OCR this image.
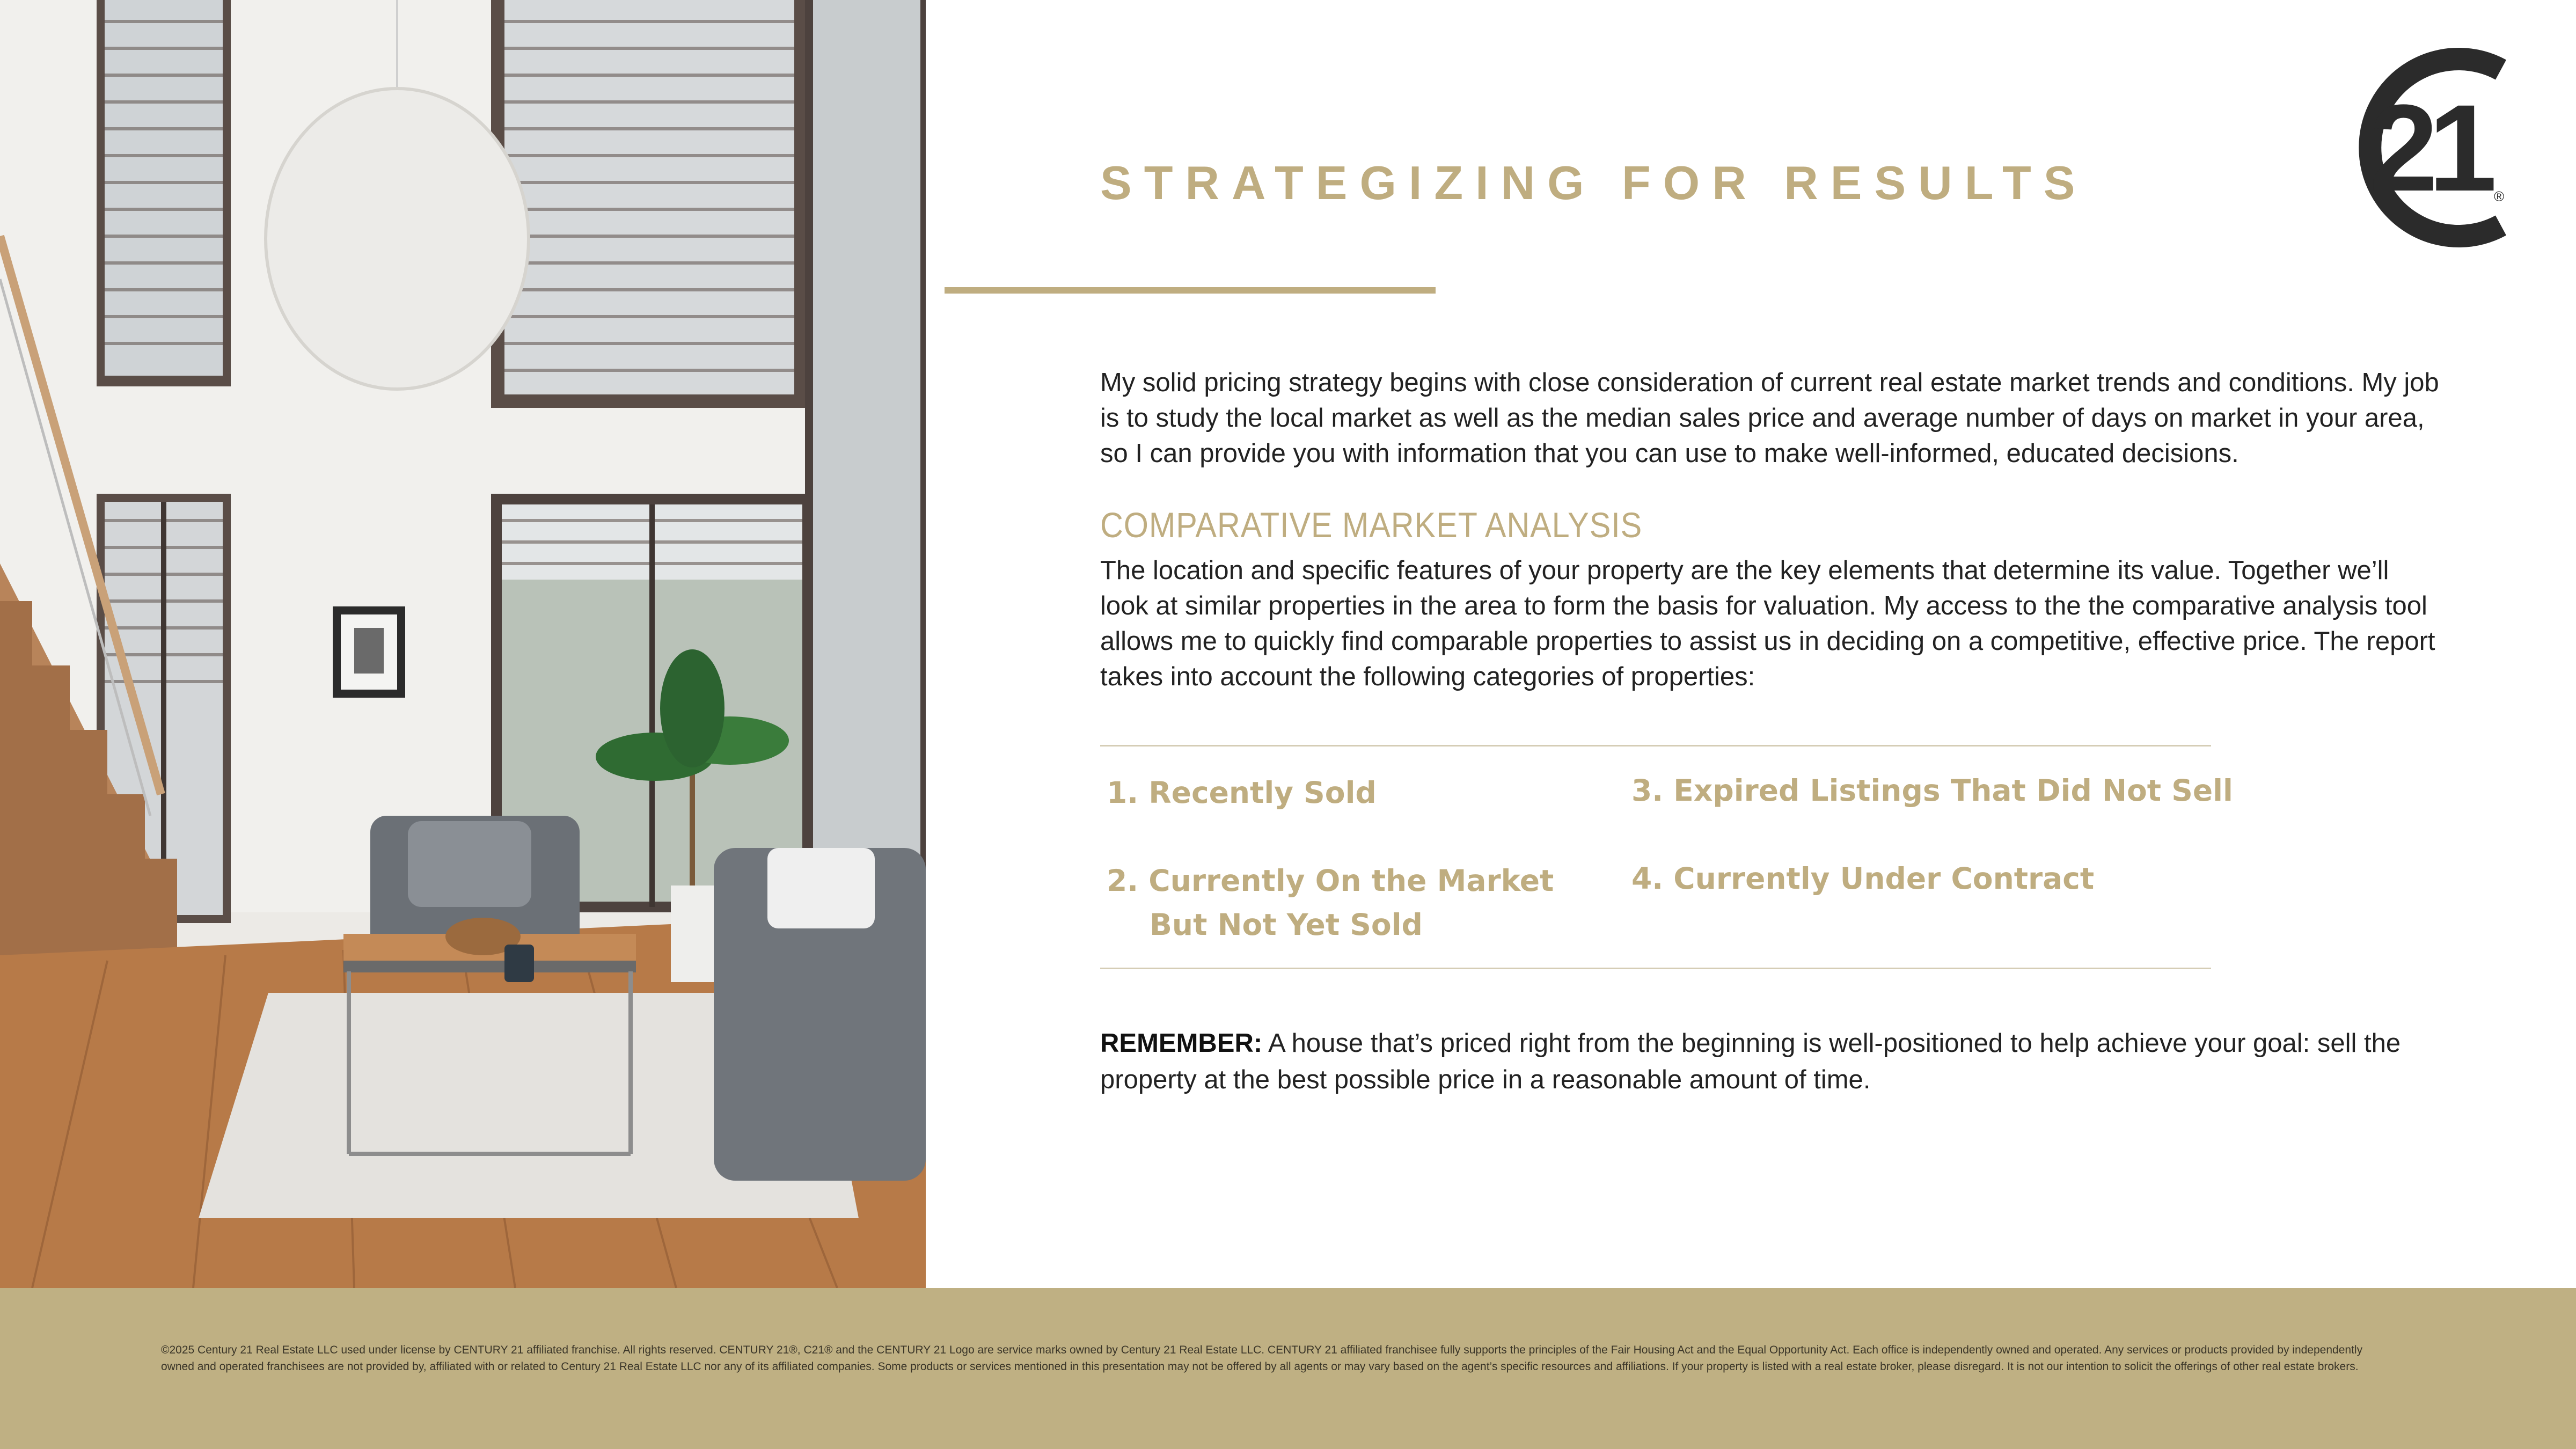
21 ®
STRATEGIZING FOR RESULTS

My solid pricing strategy begins with close consideration of current real estate market trends and conditions. My job is to study the local market as well as the median sales price and average number of days on market in your area, so I can provide you with information that you can use to make well-informed, educated decisions.

COMPARATIVE MARKET ANALYSIS

The location and specific features of your property are the key elements that determine its value. Together we’ll look at similar properties in the area to form the basis for valuation. My access to the the comparative analysis tool allows me to quickly find comparable properties to assist us in deciding on a competitive, effective price. The report takes into account the following categories of properties:

1. Recently Sold
2. Currently On the Market
But Not Yet Sold
3. Expired Listings That Did Not Sell
4. Currently Under Contract

REMEMBER: A house that’s priced right from the beginning is well-positioned to help achieve your goal: sell the property at the best possible price in a reasonable amount of time.

©2025 Century 21 Real Estate LLC used under license by CENTURY 21 affiliated franchise. All rights reserved. CENTURY 21®, C21® and the CENTURY 21 Logo are service marks owned by Century 21 Real Estate LLC. CENTURY 21 affiliated franchisee fully supports the principles of the Fair Housing Act and the Equal Opportunity Act. Each office is independently owned and operated. Any services or products provided by independently owned and operated franchisees are not provided by, affiliated with or related to Century 21 Real Estate LLC nor any of its affiliated companies. Some products or services mentioned in this presentation may not be offered by all agents or may vary based on the agent’s specific resources and affiliations. If your property is listed with a real estate broker, please disregard. It is not our intention to solicit the offerings of other real estate brokers.
